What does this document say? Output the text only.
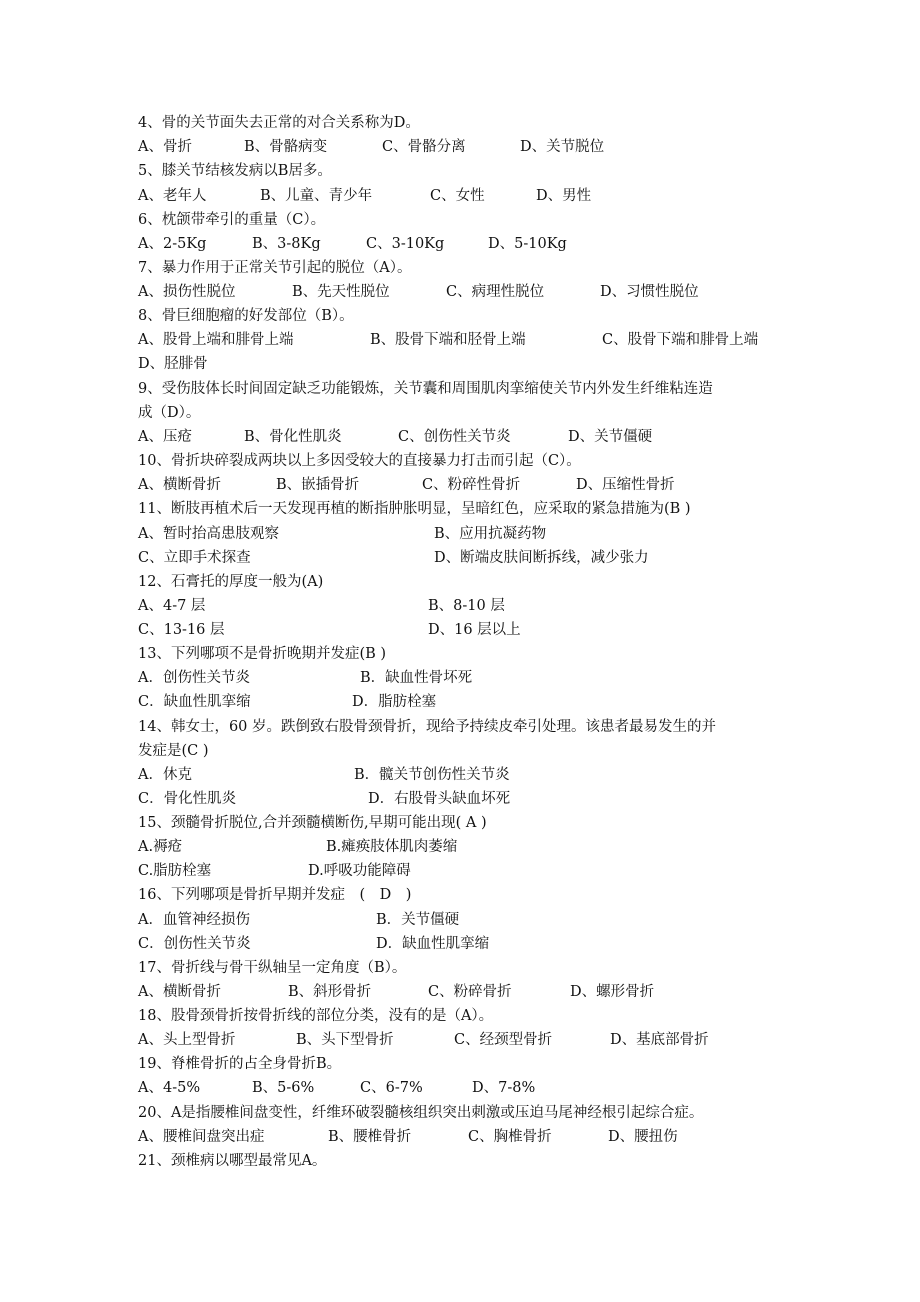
4、骨的关节面失去正常的对合关系称为D。
A、骨折	B、骨骼病变	C、骨骼分离	D、关节脱位
5、膝关节结核发病以B居多。
A、老年人	B、儿童、青少年	C、女性	D、男性
6、枕颌带牵引的重量（C）。
A、2-5Kg	B、3-8Kg	C、3-10Kg	D、5-10Kg
7、暴力作用于正常关节引起的脱位（A）。
A、损伤性脱位	B、先天性脱位	C、病理性脱位	D、习惯性脱位
8、骨巨细胞瘤的好发部位（B）。
A、股骨上端和腓骨上端	B、股骨下端和胫骨上端	C、股骨下端和腓骨上端
D、胫腓骨
9、受伤肢体长时间固定缺乏功能锻炼，关节囊和周围肌肉挛缩使关节内外发生纤维粘连造
成（D）。
A、压疮	B、骨化性肌炎	C、创伤性关节炎	D、关节僵硬
10、骨折块碎裂成两块以上多因受较大的直接暴力打击而引起（C）。
A、横断骨折	B、嵌插骨折	C、粉碎性骨折	D、压缩性骨折
11、断肢再植术后一天发现再植的断指肿胀明显，呈暗红色，应采取的紧急措施为(B )
A、暂时抬高患肢观察	B、应用抗凝药物
C、立即手术探查	D、断端皮肤间断拆线，减少张力
12、石膏托的厚度一般为(A)
A、4-7 层	B、8-10 层
C、13-16 层	D、16 层以上
13、下列哪项不是骨折晚期并发症(B )
A．创伤性关节炎	B．缺血性骨坏死
C．缺血性肌挛缩	D．脂肪栓塞
14、韩女士，60 岁。跌倒致右股骨颈骨折，现给予持续皮牵引处理。该患者最易发生的并
发症是(C )
A．休克	B．髋关节创伤性关节炎
C．骨化性肌炎	D．右股骨头缺血坏死
15、颈髓骨折脱位,合并颈髓横断伤,早期可能出现( A )
A.褥疮	B.瘫痪肢体肌肉萎缩
C.脂肪栓塞	D.呼吸功能障碍
16、下列哪项是骨折早期并发症　(　D　)
A．血管神经损伤	B．关节僵硬
C．创伤性关节炎	D．缺血性肌挛缩
17、骨折线与骨干纵轴呈一定角度（B）。
A、横断骨折	B、斜形骨折	C、粉碎骨折	D、螺形骨折
18、股骨颈骨折按骨折线的部位分类，没有的是（A）。
A、头上型骨折	B、头下型骨折	C、经颈型骨折	D、基底部骨折
19、脊椎骨折的占全身骨折B。
A、4-5%	B、5-6%	C、6-7%	D、7-8%
20、A是指腰椎间盘变性，纤维环破裂髓核组织突出刺激或压迫马尾神经根引起综合症。
A、腰椎间盘突出症	B、腰椎骨折	C、胸椎骨折	D、腰扭伤
21、颈椎病以哪型最常见A。
